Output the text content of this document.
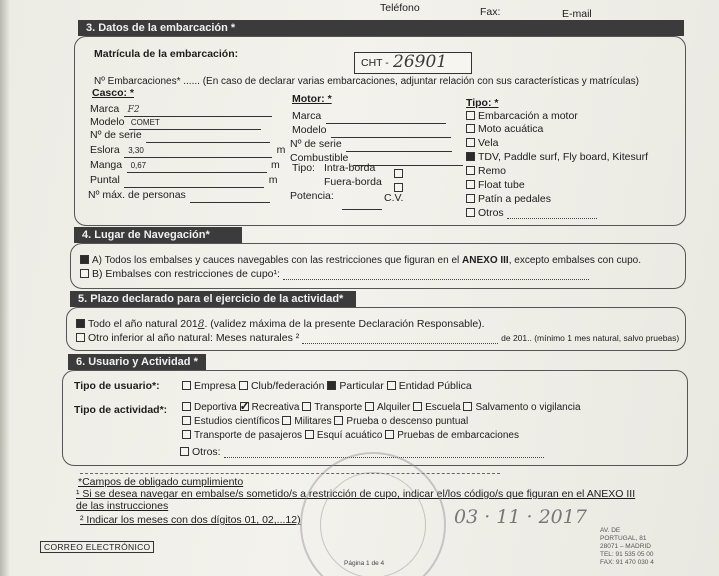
Teléfono	Fax:	E-mail
3. Datos de la embarcación *
Matrícula de la embarcación:
CHT - 26901
Nº Embarcaciones* ...... (En caso de declarar varias embarcaciones, adjuntar relación con sus características y matrículas)
Casco: *
Marca F2
Modelo COMET
Nº de serie
Eslora 3,30	m
Manga 0,67	m
Puntal	m
Nº máx. de personas
Motor: *
Marca
Modelo
Nº de serie
Combustible
Tipo: Intra-borda
Fuera-borda
Potencia:	C.V.
Tipo: *
Embarcación a motor
Moto acuática
Vela
TDV, Paddle surf, Fly board, Kitesurf
Remo
Float tube
Patín a pedales
Otros
4. Lugar de Navegación*
A) Todos los embalses y cauces navegables con las restricciones que figuran en el ANEXO III, excepto embalses con cupo.
B) Embalses con restricciones de cupo¹:
5. Plazo declarado para el ejercicio de la actividad*
Todo el año natural 2018. (validez máxima de la presente Declaración Responsable).
Otro inferior al año natural: Meses naturales ²	de 201.. (mínimo 1 mes natural, salvo pruebas)
6. Usuario y Actividad *
Tipo de usuario*:	Empresa Club/federación Particular Entidad Pública
Tipo de actividad*:	Deportiva ✓ Recreativa Transporte Alquiler Escuela Salvamento o vigilancia
Estudios científicos Militares Prueba o descenso puntual
Transporte de pasajeros Esquí acuático Pruebas de embarcaciones
Otros:
*Campos de obligado cumplimiento
¹ Si se desea navegar en embalse/s sometido/s a restricción de cupo, indicar el/los código/s que figuran en el ANEXO III de las instrucciones
² Indicar los meses con dos dígitos 01, 02,...12)	03 · 11 · 2017
CORREO ELECTRÓNICO
Página 1 de 4
AV. DE
PORTUGAL, 81
28071 – MADRID
TEL: 91 535 05 00
FAX: 91 470 030 4
